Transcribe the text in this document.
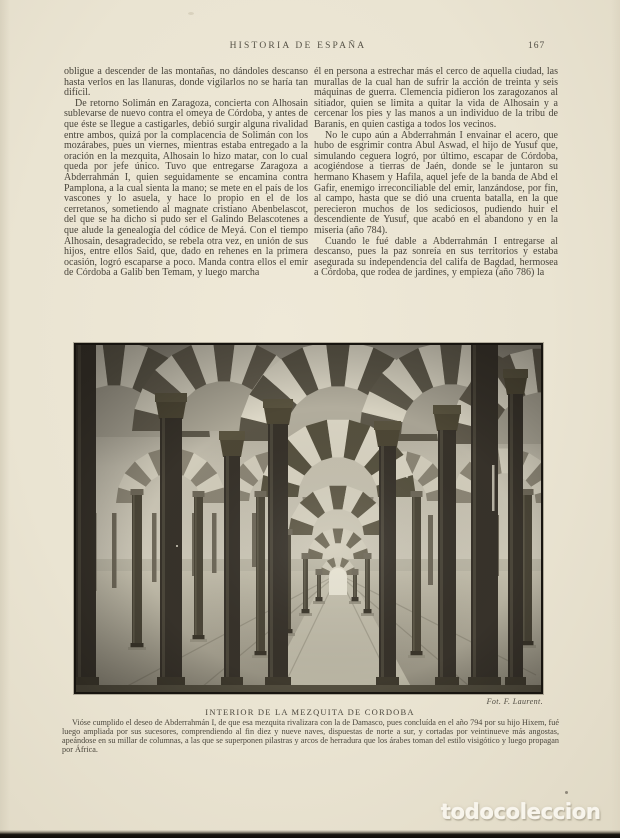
HISTORIA DE ESPAÑA	167

obligue a descender de las montañas, no dándoles descanso hasta verlos en las llanuras, donde vigilarlos no se haría tan difícil.

De retorno Solimán en Zaragoza, concierta con Alhosain sublevarse de nuevo contra el omeya de Córdoba, y antes de que éste se llegue a castigarles, debió surgir alguna rivalidad entre ambos, quizá por la complacencia de Solimán con los mozárabes, pues un viernes, mientras estaba entregado a la oración en la mezquita, Alhosain lo hizo matar, con lo cual queda por jefe único. Tuvo que entregarse Zaragoza a Abderrahmán I, quien seguidamente se encamina contra Pamplona, a la cual sienta la mano; se mete en el país de los vascones y lo asuela, y hace lo propio en el de los cerretanos, sometiendo al magnate cristiano Abenbelascot, del que se ha dicho si pudo ser el Galindo Belascotenes a que alude la genealogía del códice de Meyá. Con el tiempo Alhosain, desagradecido, se rebela otra vez, en unión de sus hijos, entre ellos Said, que, dado en rehenes en la primera ocasión, logró escaparse a poco. Manda contra ellos el emir de Córdoba a Galib ben Temam, y luego marcha

él en persona a estrechar más el cerco de aquella ciudad, las murallas de la cual han de sufrir la acción de treinta y seis máquinas de guerra. Clemencia pidieron los zaragozanos al sitiador, quien se limita a quitar la vida de Alhosain y a cercenar los pies y las manos a un individuo de la tribu de Baranis, en quien castiga a todos los vecinos.

No le cupo aún a Abderrahmán I envainar el acero, que hubo de esgrimir contra Abul Aswad, el hijo de Yusuf que, simulando ceguera logró, por último, escapar de Córdoba, acogiéndose a tierras de Jaén, donde se le juntaron su hermano Khasem y Hafila, aquel jefe de la banda de Abd el Gafir, enemigo irreconciliable del emir, lanzándose, por fin, al campo, hasta que se dió una cruenta batalla, en la que perecieron muchos de los sediciosos, pudiendo huir el descendiente de Yusuf, que acabó en el abandono y en la miseria (año 784).

Cuando le fué dable a Abderrahmán I entregarse al descanso, pues la paz sonreía en sus territorios y estaba asegurada su independencia del califa de Bagdad, hermosea a Córdoba, que rodea de jardines, y empieza (año 786) la

Fot. F. Laurent.
INTERIOR DE LA MEZQUITA DE CORDOBA

Vióse cumplido el deseo de Abderrahmán I, de que esa mezquita rivalizara con la de Damasco, pues concluída en el año 794 por su hijo Hixem, fué luego ampliada por sus sucesores, comprendiendo al fin diez y nueve naves, dispuestas de norte a sur, y cortadas por veintinueve más angostas, apeándose en su millar de columnas, a las que se superponen pilastras y arcos de herradura que los árabes toman del estilo visigótico y luego propagan por África.

todocoleccion
